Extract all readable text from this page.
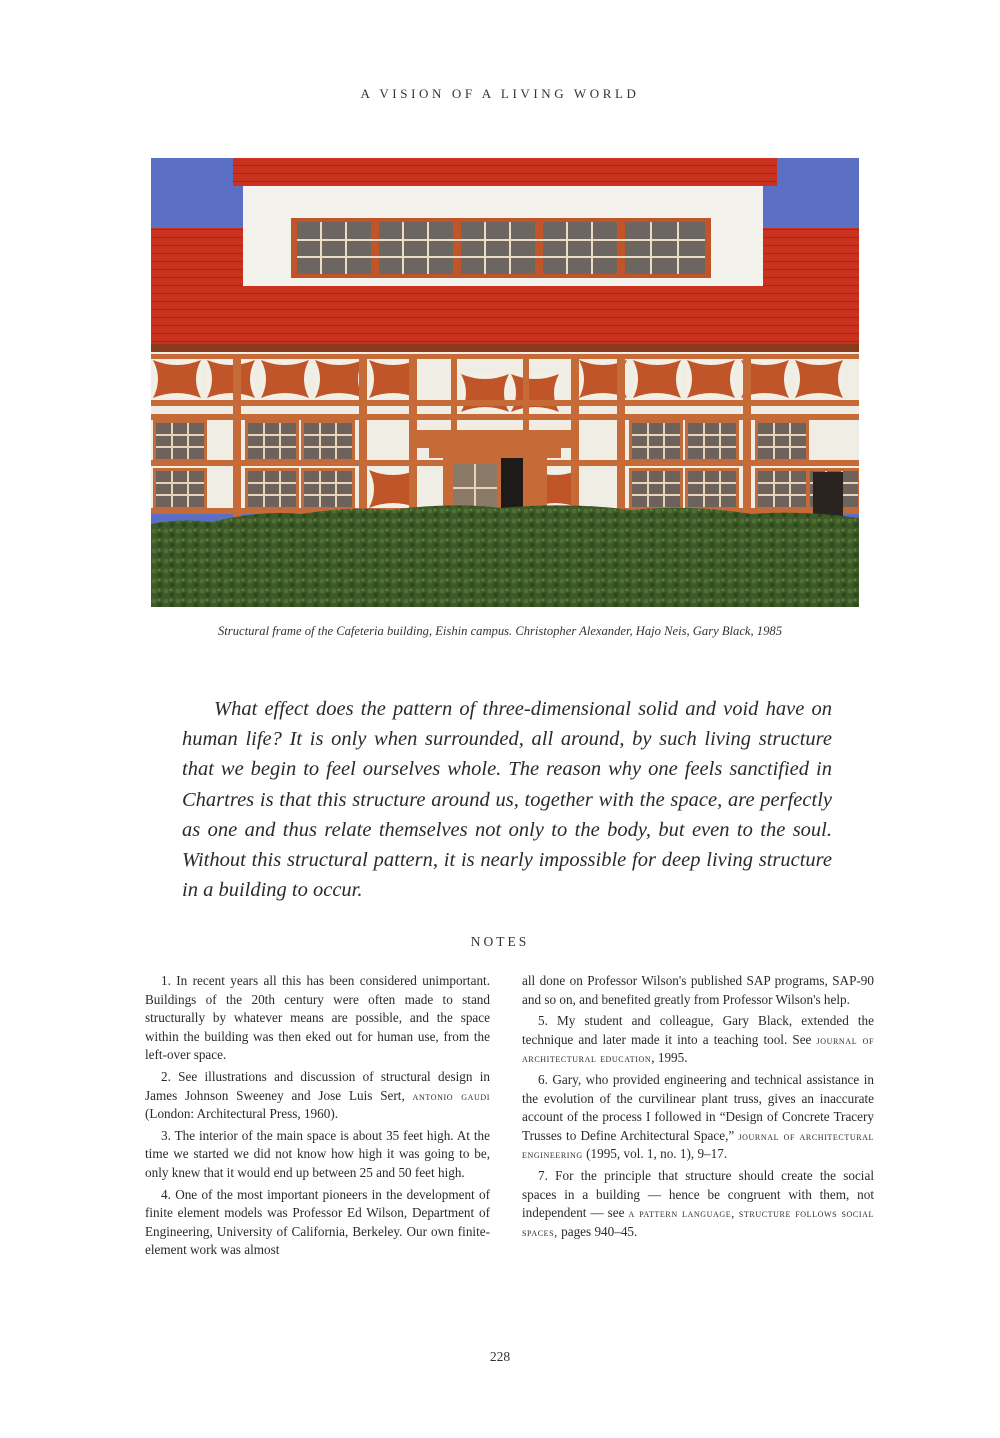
A VISION OF A LIVING WORLD
Structural frame of the Cafeteria building, Eishin campus. Christopher Alexander, Hajo Neis, Gary Black, 1985
What effect does the pattern of three-dimensional solid and void have on human life? It is only when surrounded, all around, by such living structure that we begin to feel ourselves whole. The reason why one feels sanctified in Chartres is that this structure around us, together with the space, are perfectly as one and thus relate themselves not only to the body, but even to the soul. Without this structural pattern, it is nearly impossible for deep living structure in a building to occur.
NOTES

1. In recent years all this has been considered unimportant. Buildings of the 20th century were often made to stand structurally by whatever means are possible, and the space within the building was then eked out for human use, from the left-over space.

2. See illustrations and discussion of structural design in James Johnson Sweeney and Jose Luis Sert, antonio gaudi (London: Architectural Press, 1960).

3. The interior of the main space is about 35 feet high. At the time we started we did not know how high it was going to be, only knew that it would end up between 25 and 50 feet high.

4. One of the most important pioneers in the development of finite element models was Professor Ed Wilson, Department of Engineering, University of California, Berkeley. Our own finite-element work was almost

all done on Professor Wilson's published SAP programs, SAP-90 and so on, and benefited greatly from Professor Wilson's help.

5. My student and colleague, Gary Black, extended the technique and later made it into a teaching tool. See journal of architectural education, 1995.

6. Gary, who provided engineering and technical assistance in the evolution of the curvilinear plant truss, gives an inaccurate account of the process I followed in “Design of Concrete Tracery Trusses to Define Architectural Space,” journal of architectural engineering (1995, vol. 1, no. 1), 9–17.

7. For the principle that structure should create the social spaces in a building — hence be congruent with them, not independent — see a pattern language, structure follows social spaces, pages 940–45.

228
